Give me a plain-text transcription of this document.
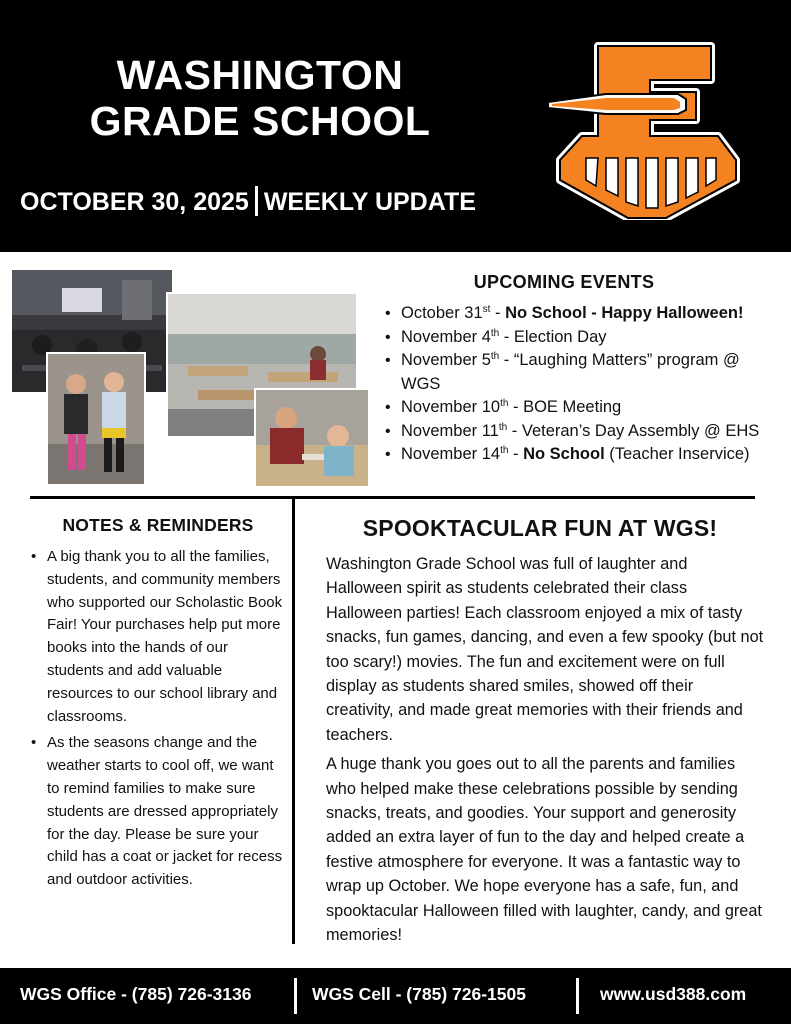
WASHINGTON
GRADE SCHOOL
OCTOBER 30, 2025 WEEKLY UPDATE
UPCOMING EVENTS
• October 31st - No School - Happy Halloween!
• November 4th - Election Day
• November 5th - “Laughing Matters” program @ WGS
• November 10th - BOE Meeting
• November 11th - Veteran’s Day Assembly @ EHS
• November 14th - No School (Teacher Inservice)
NOTES & REMINDERS
• A big thank you to all the families, students, and community members who supported our Scholastic Book Fair! Your purchases help put more books into the hands of our students and add valuable resources to our school library and classrooms.
• As the seasons change and the weather starts to cool off, we want to remind families to make sure students are dressed appropriately for the day. Please be sure your child has a coat or jacket for recess and outdoor activities.
SPOOKTACULAR FUN AT WGS!

Washington Grade School was full of laughter and Halloween spirit as students celebrated their class Halloween parties! Each classroom enjoyed a mix of tasty snacks, fun games, dancing, and even a few spooky (but not too scary!) movies. The fun and excitement were on full display as students shared smiles, showed off their creativity, and made great memories with their friends and teachers.

A huge thank you goes out to all the parents and families who helped make these celebrations possible by sending snacks, treats, and goodies. Your support and generosity added an extra layer of fun to the day and helped create a festive atmosphere for everyone. It was a fantastic way to wrap up October. We hope everyone has a safe, fun, and spooktacular Halloween filled with laughter, candy, and great memories!

WGS Office - (785) 726-3136	WGS Cell - (785) 726-1505	www.usd388.com
